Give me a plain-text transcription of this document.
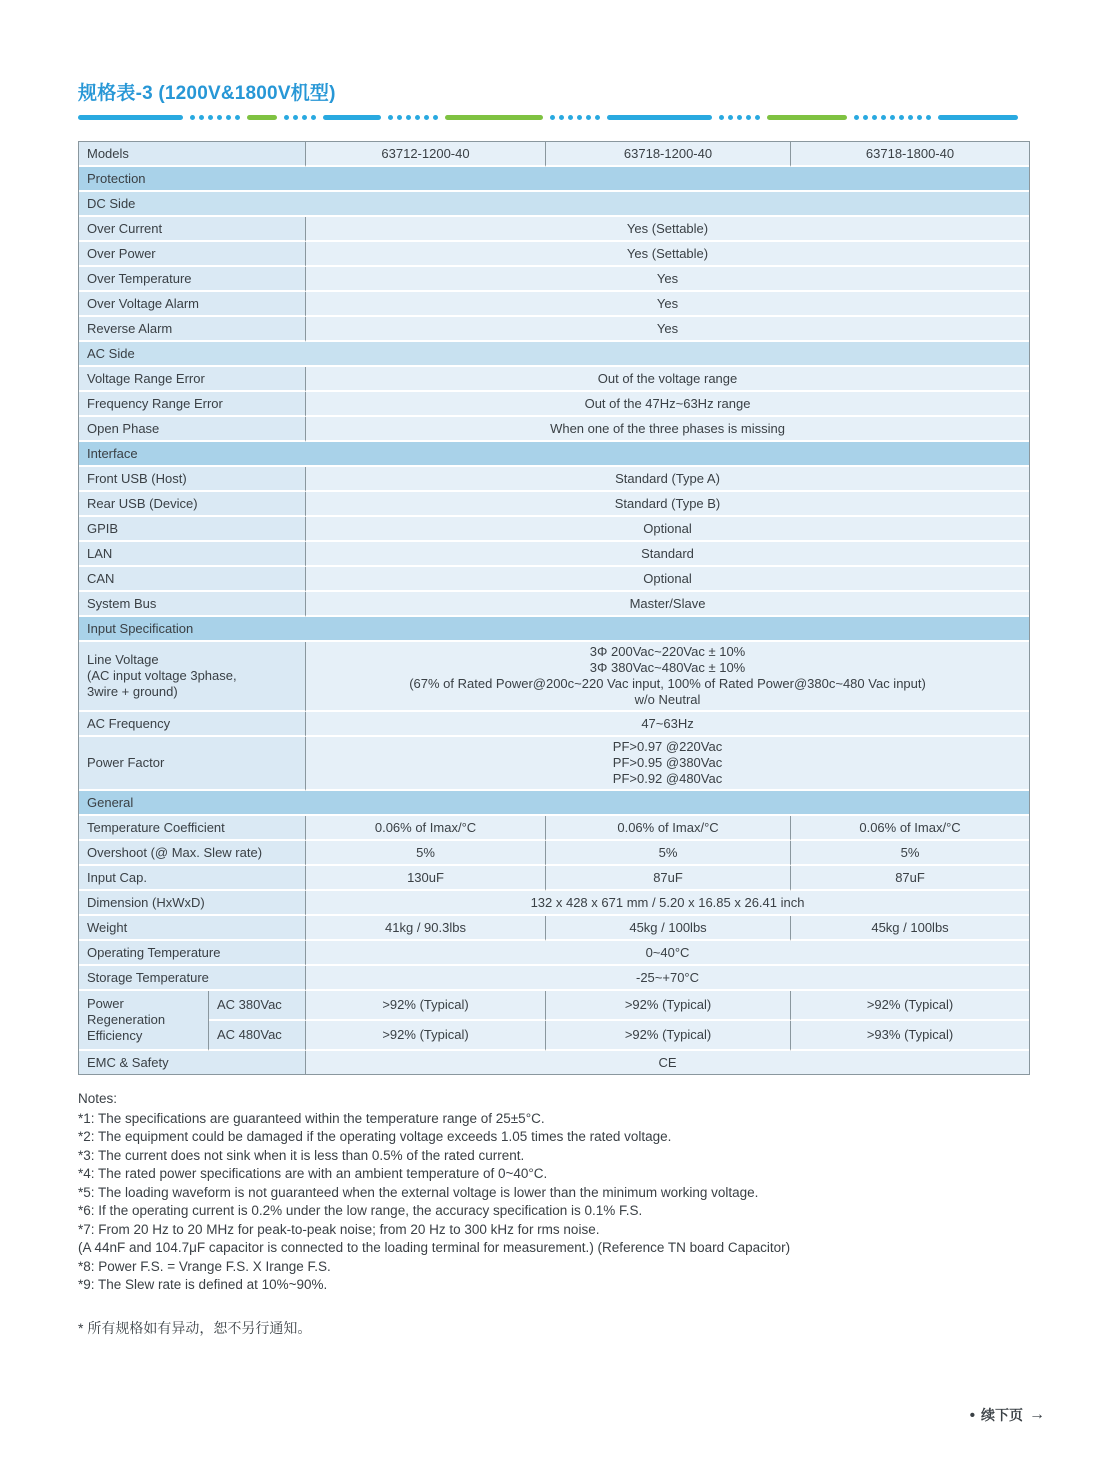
规格表-3 (1200V&1800V机型)
Models		63712-1200-40	63718-1200-40	63718-1800-40

Protection				

DC Side				

Over Current		Yes (Settable)		

Over Power		Yes (Settable)		

Over Temperature		Yes		

Over Voltage Alarm		Yes		

Reverse Alarm		Yes		

AC Side				

Voltage Range Error		Out of the voltage range		

Frequency Range Error		Out of the 47Hz~63Hz range		

Open Phase		When one of the three phases is missing		

Interface				

Front USB (Host)		Standard (Type A)		

Rear USB (Device)		Standard (Type B)		

GPIB		Optional		

LAN		Standard		

CAN		Optional		

System Bus		Master/Slave		

Input Specification				

Line Voltage
(AC input voltage 3phase,
3wire + ground)

3Φ 200Vac~220Vac ± 10%
3Φ 380Vac~480Vac ± 10%
(67% of Rated Power@200c~220 Vac input, 100% of Rated Power@380c~480 Vac input)
w/o Neutral

AC Frequency		47~63Hz		

Power Factor		PF>0.97 @220Vac
PF>0.95 @380Vac
PF>0.92 @480Vac		

General				

Temperature Coefficient		0.06% of Imax/°C	0.06% of Imax/°C	0.06% of Imax/°C

Overshoot (@ Max. Slew rate)		5%	5%	5%

Input Cap.		130uF	87uF	87uF

Dimension (HxWxD)		132 x 428 x 671 mm / 5.20 x 16.85 x 26.41 inch		

Weight		41kg / 90.3lbs	45kg / 100lbs	45kg / 100lbs

Operating Temperature		0~40°C		

Storage Temperature		-25~+70°C		

Power Regeneration Efficiency	AC 380Vac	>92% (Typical)	>92% (Typical)	>92% (Typical)

	AC 480Vac	>92% (Typical)	>92% (Typical)	>93% (Typical)

EMC & Safety		CE		
Notes:
*1: The specifications are guaranteed within the temperature range of 25±5°C.
*2: The equipment could be damaged if the operating voltage exceeds 1.05 times the rated voltage.
*3: The current does not sink when it is less than 0.5% of the rated current.
*4: The rated power specifications are with an ambient temperature of 0~40°C.
*5: The loading waveform is not guaranteed when the external voltage is lower than the minimum working voltage.
*6: If the operating current is 0.2% under the low range, the accuracy specification is 0.1% F.S.
*7: From 20 Hz to 20 MHz for peak-to-peak noise; from 20 Hz to 300 kHz for rms noise.
(A 44nF and 104.7μF capacitor is connected to the loading terminal for measurement.) (Reference TN board Capacitor)
*8: Power F.S. = Vrange F.S. X Irange F.S.
*9: The Slew rate is defined at 10%~90%.
* 所有规格如有异动，恕不另行通知。
• 续下页 →
